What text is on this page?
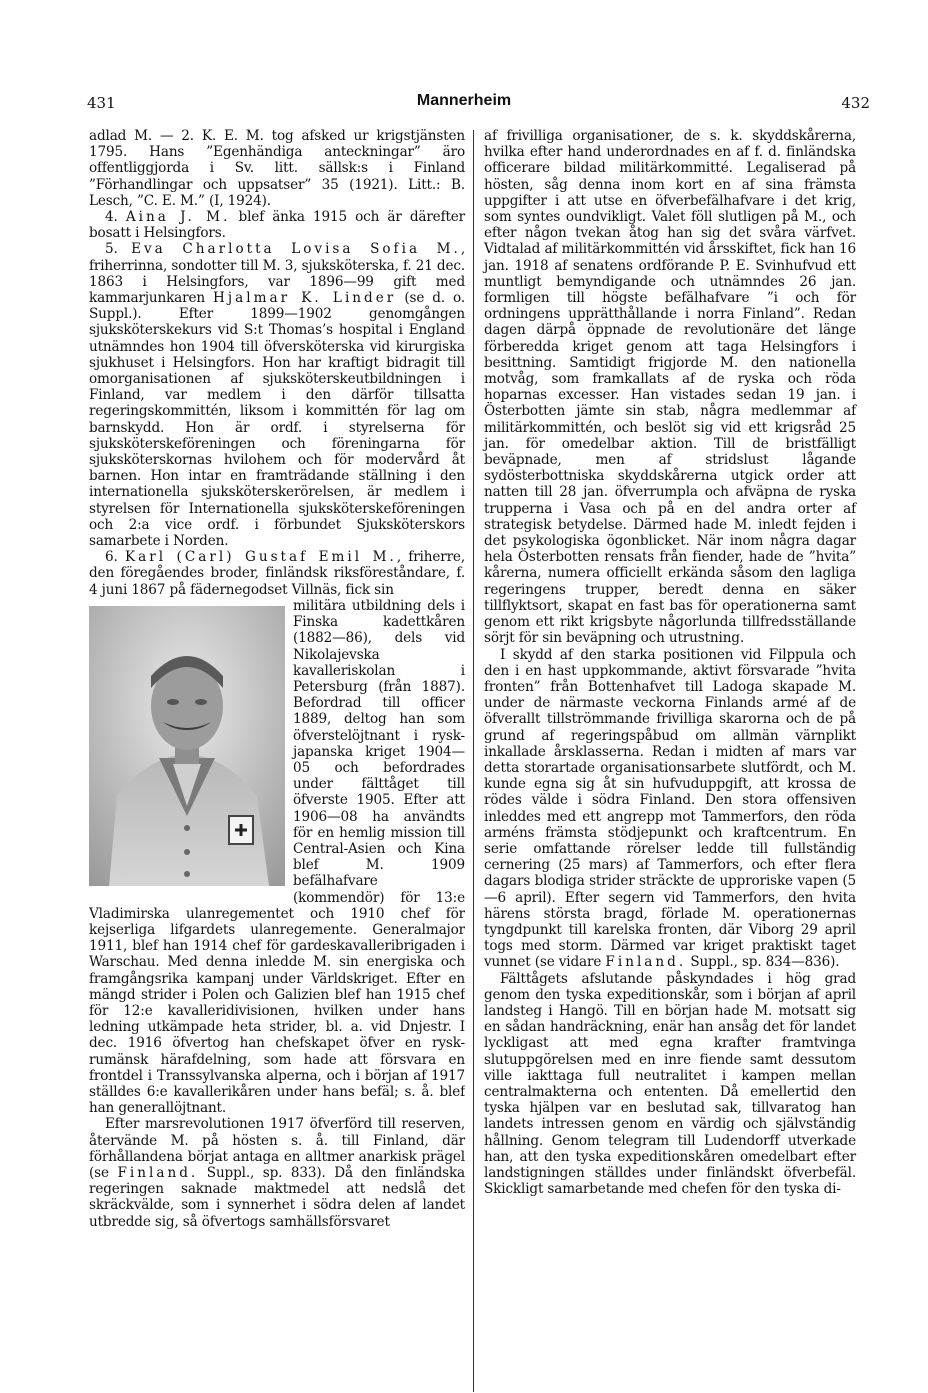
431	Mannerheim	432

adlad M. — 2. K. E. M. tog afsked ur krigstjänsten 1795. Hans ”Egenhändiga anteckningar” äro offentliggjorda i Sv. litt. sällsk:s i Finland ”Förhandlingar och uppsatser” 35 (1921). Litt.: B. Lesch, ”C. E. M.” (I, 1924).

4. Aina J. M. blef änka 1915 och är därefter bosatt i Helsingfors.

5. Eva Charlotta Lovisa Sofia M., friherrinna, sondotter till M. 3, sjuksköterska, f. 21 dec. 1863 i Helsingfors, var 1896—99 gift med kammarjunkaren Hjalmar K. Linder (se d. o. Suppl.). Efter 1899—1902 genomgången sjuksköterskekurs vid S:t Thomas’s hospital i England utnämndes hon 1904 till öfversköterska vid kirurgiska sjukhuset i Helsingfors. Hon har kraftigt bidragit till omorganisationen af sjuksköterskeutbildningen i Finland, var medlem i den därför tillsatta regeringskommittén, liksom i kommittén för lag om barnskydd. Hon är ordf. i styrelserna för sjuksköterskeföreningen och föreningarna för sjuksköterskornas hvilohem och för modervård åt barnen. Hon intar en framträdande ställning i den internationella sjuksköterskerörelsen, är medlem i styrelsen för Internationella sjuksköterskeföreningen och 2:a vice ordf. i förbundet Sjuksköterskors samarbete i Norden.

6. Karl (Carl) Gustaf Emil M., friherre, den föregåendes broder, finländsk riksföreståndare, f. 4 juni 1867 på fädernegodset Villnäs, fick sin

militära utbildning dels i Finska kadettkåren (1882—86), dels vid Nikolajevska kavalleriskolan i Petersburg (från 1887). Befordrad till officer 1889, deltog han som öfverstelöjtnant i rysk-japanska kriget 1904—05 och befordrades under fälttåget till öfverste 1905. Efter att 1906—08 ha användts för en hemlig mission till Central-Asien och Kina blef M. 1909 befälhafvare (kommendör) för 13:e Vladimirska ulanregementet och 1910 chef för kejserliga lifgardets ulanregemente. Generalmajor 1911, blef han 1914 chef för gardeskavalleribrigaden i Warschau. Med denna inledde M. sin energiska och framgångsrika kampanj under Världskriget. Efter en mängd strider i Polen och Galizien blef han 1915 chef för 12:e kavalleridivisionen, hvilken under hans ledning utkämpade heta strider, bl. a. vid Dnjestr. I dec. 1916 öfvertog han chefskapet öfver en rysk-rumänsk härafdelning, som hade att försvara en frontdel i Transsylvanska alperna, och i början af 1917 ställdes 6:e kavallerikåren under hans befäl; s. å. blef han generallöjtnant.

Efter marsrevolutionen 1917 öfverförd till reserven, återvände M. på hösten s. å. till Finland, där förhållandena börjat antaga en alltmer anarkisk prägel (se Finland. Suppl., sp. 833). Då den finländska regeringen saknade maktmedel att nedslå det skräckvälde, som i synnerhet i södra delen af landet utbredde sig, så öfvertogs samhällsförsvaret

af frivilliga organisationer, de s. k. skyddskårerna, hvilka efter hand underordnades en af f. d. finländska officerare bildad militärkommitté. Legaliserad på hösten, såg denna inom kort en af sina främsta uppgifter i att utse en öfverbefälhafvare i det krig, som syntes oundvikligt. Valet föll slutligen på M., och efter någon tvekan åtog han sig det svåra värfvet. Vidtalad af militärkommittén vid årsskiftet, fick han 16 jan. 1918 af senatens ordförande P. E. Svinhufvud ett muntligt bemyndigande och utnämndes 26 jan. formligen till högste befälhafvare ”i och för ordningens upprätthållande i norra Finland”. Redan dagen därpå öppnade de revolutionäre det länge förberedda kriget genom att taga Helsingfors i besittning. Samtidigt frigjorde M. den nationella motvåg, som framkallats af de ryska och röda hoparnas excesser. Han vistades sedan 19 jan. i Österbotten jämte sin stab, några medlemmar af militärkommittén, och beslöt sig vid ett krigsråd 25 jan. för omedelbar aktion. Till de bristfälligt beväpnade, men af stridslust lågande sydösterbottniska skyddskårerna utgick order att natten till 28 jan. öfverrumpla och afväpna de ryska trupperna i Vasa och på en del andra orter af strategisk betydelse. Därmed hade M. inledt fejden i det psykologiska ögonblicket. När inom några dagar hela Österbotten rensats från fiender, hade de ”hvita” kårerna, numera officiellt erkända såsom den lagliga regeringens trupper, beredt denna en säker tillflyktsort, skapat en fast bas för operationerna samt genom ett rikt krigsbyte någorlunda tillfredsställande sörjt för sin beväpning och utrustning.

I skydd af den starka positionen vid Filppula och den i en hast uppkommande, aktivt försvarade ”hvita fronten” från Bottenhafvet till Ladoga skapade M. under de närmaste veckorna Finlands armé af de öfverallt tillströmmande frivilliga skarorna och de på grund af regeringspåbud om allmän värnplikt inkallade årsklasserna. Redan i midten af mars var detta storartade organisationsarbete slutfördt, och M. kunde egna sig åt sin hufvuduppgift, att krossa de rödes välde i södra Finland. Den stora offensiven inleddes med ett angrepp mot Tammerfors, den röda arméns främsta stödjepunkt och kraftcentrum. En serie omfattande rörelser ledde till fullständig cernering (25 mars) af Tammerfors, och efter flera dagars blodiga strider sträckte de upproriske vapen (5—6 april). Efter segern vid Tammerfors, den hvita härens största bragd, förlade M. operationernas tyngdpunkt till karelska fronten, där Viborg 29 april togs med storm. Därmed var kriget praktiskt taget vunnet (se vidare Finland. Suppl., sp. 834—836).

Fälttågets afslutande påskyndades i hög grad genom den tyska expeditionskår, som i början af april landsteg i Hangö. Till en början hade M. motsatt sig en sådan handräckning, enär han ansåg det för landet lyckligast att med egna krafter framtvinga slutuppgörelsen med en inre fiende samt dessutom ville iakttaga full neutralitet i kampen mellan centralmakterna och ententen. Då emellertid den tyska hjälpen var en beslutad sak, tillvaratog han landets intressen genom en värdig och självständig hållning. Genom telegram till Ludendorff utverkade han, att den tyska expeditionskåren omedelbart efter landstigningen ställdes under finländskt öfverbefäl. Skickligt samarbetande med chefen för den tyska di-
